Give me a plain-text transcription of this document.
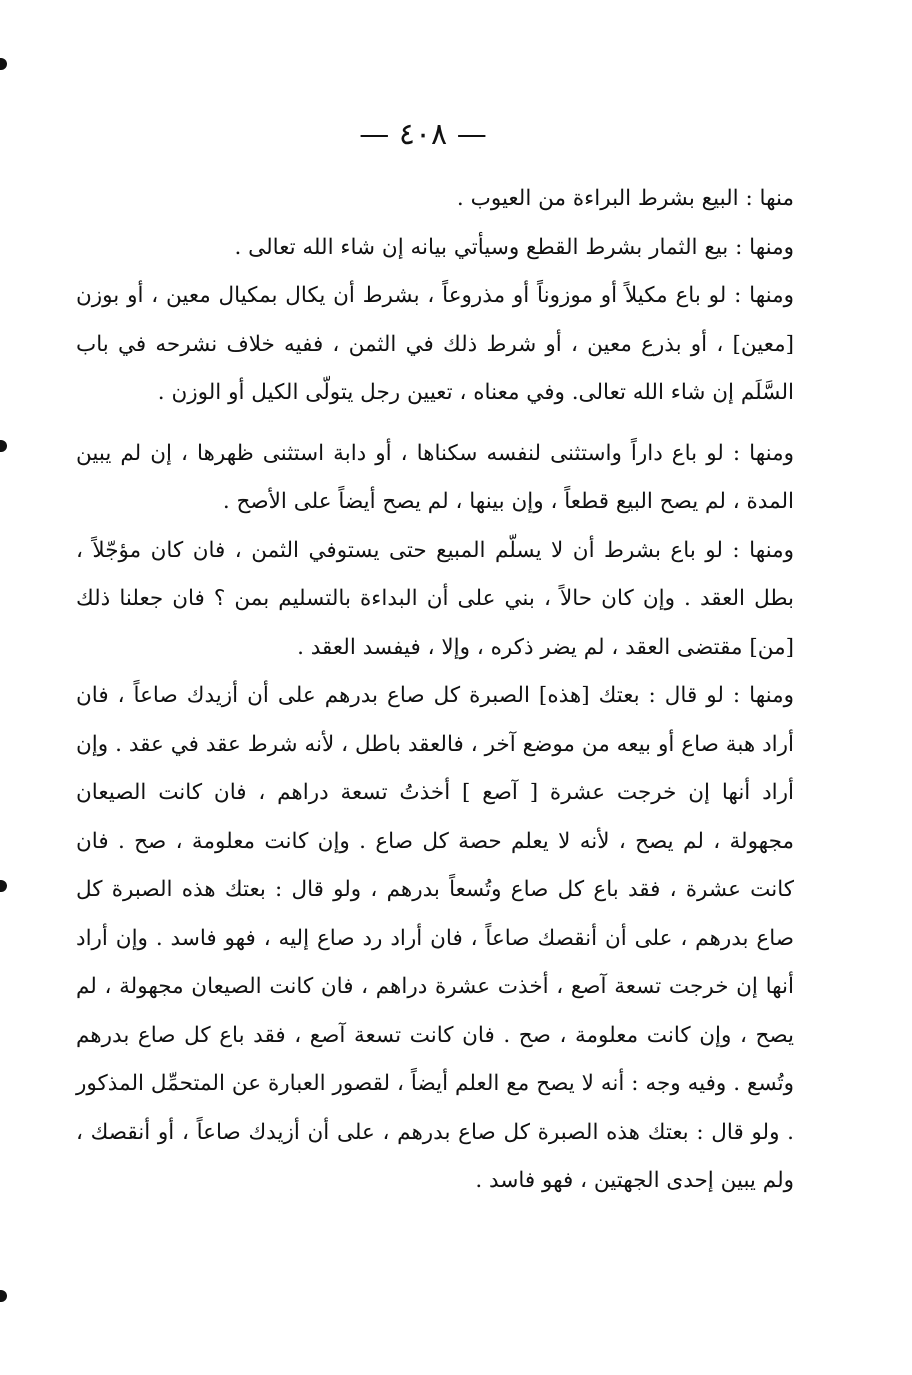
— ٤٠٨ —

منها : البيع بشرط البراءة من العيوب .

ومنها : بيع الثمار بشرط القطع وسيأتي بيانه إن شاء الله تعالى .

ومنها : لو باع مكيلاً أو موزوناً أو مذروعاً ، بشرط أن يكال بمكيال معين ، أو بوزن [معين] ، أو بذرع معين ، أو شرط ذلك في الثمن ، ففيه خلاف نشرحه في باب السَّلَم إن شاء الله تعالى. وفي معناه ، تعيين رجل يتولّى الكيل أو الوزن .

ومنها : لو باع داراً واستثنى لنفسه سكناها ، أو دابة استثنى ظهرها ، إن لم يبين المدة ، لم يصح البيع قطعاً ، وإن بينها ، لم يصح أيضاً على الأصح .

ومنها : لو باع بشرط أن لا يسلّم المبيع حتى يستوفي الثمن ، فان كان مؤجّلاً ، بطل العقد . وإن كان حالاً ، بني على أن البداءة بالتسليم بمن ؟ فان جعلنا ذلك [من] مقتضى العقد ، لم يضر ذكره ، وإلا ، فيفسد العقد .

ومنها : لو قال : بعتك [هذه] الصبرة كل صاع بدرهم على أن أزيدك صاعاً ، فان أراد هبة صاع أو بيعه من موضع آخر ، فالعقد باطل ، لأنه شرط عقد في عقد . وإن أراد أنها إن خرجت عشرة [ آصع ] أخذتُ تسعة دراهم ، فان كانت الصيعان مجهولة ، لم يصح ، لأنه لا يعلم حصة كل صاع . وإن كانت معلومة ، صح . فان كانت عشرة ، فقد باع كل صاع وتُسعاً بدرهم ، ولو قال : بعتك هذه الصبرة كل صاع بدرهم ، على أن أنقصك صاعاً ، فان أراد رد صاع إليه ، فهو فاسد . وإن أراد أنها إن خرجت تسعة آصع ، أخذت عشرة دراهم ، فان كانت الصيعان مجهولة ، لم يصح ، وإن كانت معلومة ، صح . فان كانت تسعة آصع ، فقد باع كل صاع بدرهم وتُسع . وفيه وجه : أنه لا يصح مع العلم أيضاً ، لقصور العبارة عن المتحمِّل المذكور . ولو قال : بعتك هذه الصبرة كل صاع بدرهم ، على أن أزيدك صاعاً ، أو أنقصك ، ولم يبين إحدى الجهتين ، فهو فاسد .
